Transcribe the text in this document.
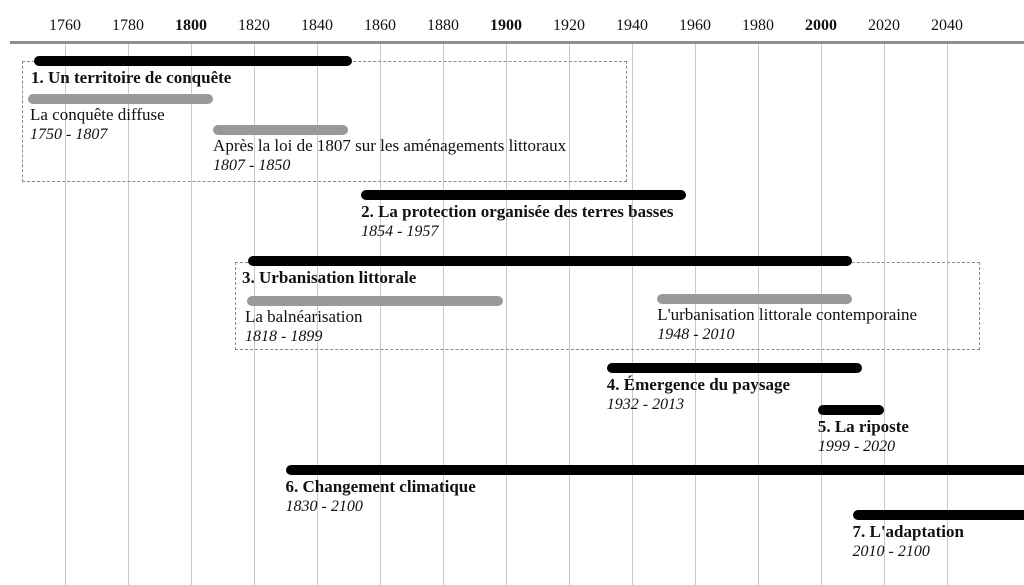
1760 1780 1800 1820 1840 1860 1880 1900 1920 1940 1960 1980 2000 2020 2040
1. Un territoire de conquête
2. La protection organisée des terres basses
1854 - 1957
3. Urbanisation littorale
4. Émergence du paysage
1932 - 2013
5. La riposte
1999 - 2020
6. Changement climatique
1830 - 2100
7. L'adaptation
2010 - 2100
La conquête diffuse
1750 - 1807
Après la loi de 1807 sur les aménagements littoraux
1807 - 1850
La balnéarisation
1818 - 1899
L'urbanisation littorale contemporaine
1948 - 2010
